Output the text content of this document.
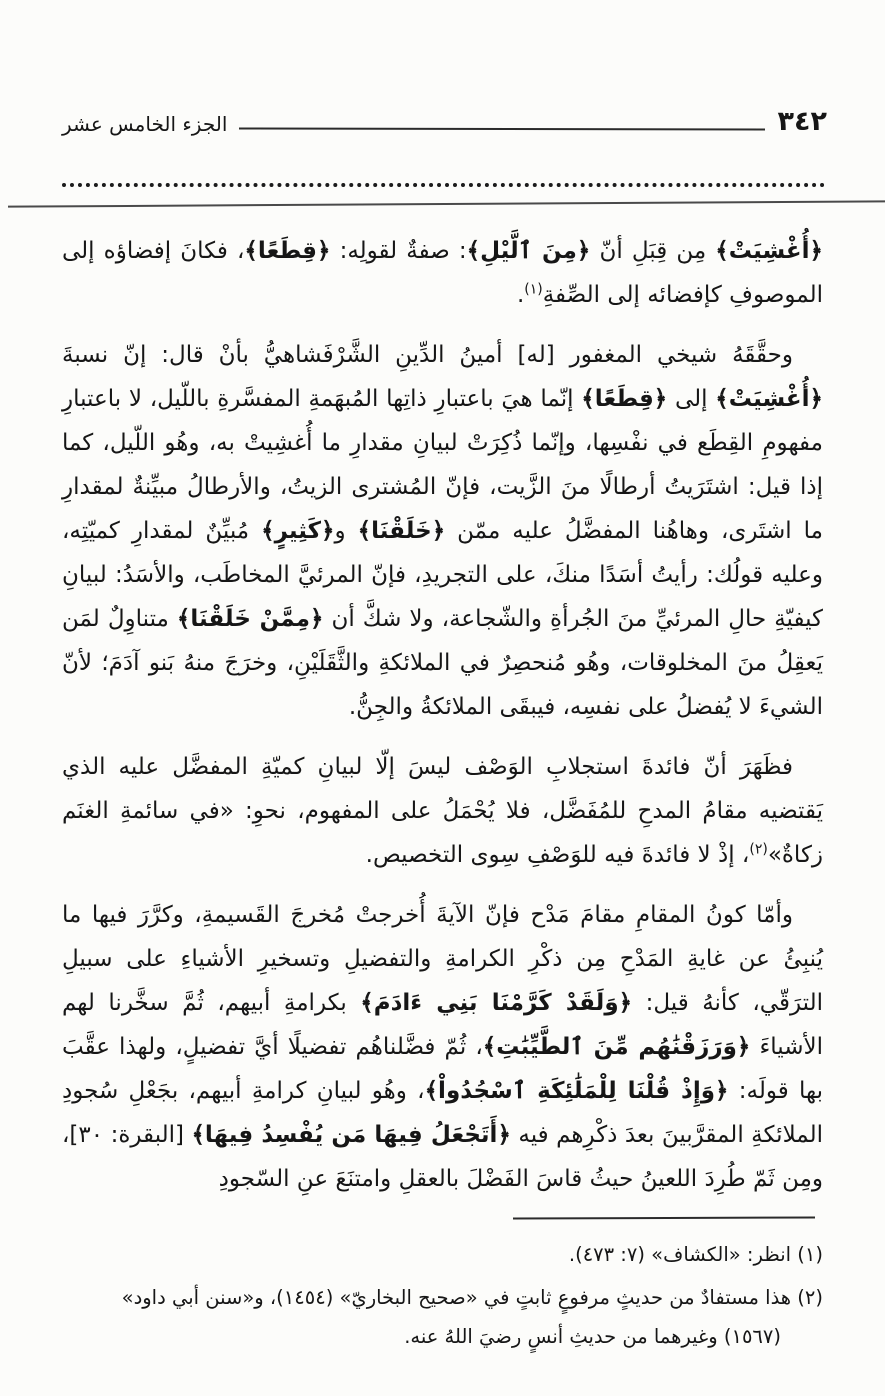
٣٤٢
الجزء الخامس عشر

﴿أُغْشِيَتْ﴾ مِن قِبَلِ أنّ ﴿مِنَ ٱلَّيْلِ﴾: صفةٌ لقولِه: ﴿قِطَعًا﴾، فكانَ إفضاؤه إلى الموصوفِ كإفضائه إلى الصِّفةِ$^{(١)}$.

وحقَّقَهُ شيخي المغفور [له] أمينُ الدِّينِ الشَّرْفَشاهيُّ بأنْ قال: إنّ نسبةَ ﴿أُغْشِيَتْ﴾ إلى ﴿قِطَعًا﴾ إنّما هيَ باعتبارِ ذاتِها المُبهَمةِ المفسَّرةِ باللّيل، لا باعتبارِ مفهومِ القِطَع في نفْسِها، وإنّما ذُكِرَتْ لبيانِ مقدارِ ما أُغشِيتْ به، وهُو اللّيل، كما إذا قيل: اشتَرَيتُ أرطالًا منَ الزَّيت، فإنّ المُشترى الزيتُ، والأرطالُ مبيِّنةٌ لمقدارِ ما اشتَرى، وهاهُنا المفضَّلُ عليه ممّن ﴿خَلَقْنَا﴾ و﴿كَثِيرٍ﴾ مُبيِّنٌ لمقدارِ كميّتِه، وعليه قولُك: رأيتُ أسَدًا منكَ، على التجريدِ، فإنّ المرئيَّ المخاطَب، والأسَدُ: لبيانِ كيفيّةِ حالِ المرئيِّ منَ الجُرأةِ والشّجاعة، ولا شكَّ أن ﴿مِمَّنْ خَلَقْنَا﴾ متناوِلٌ لمَن يَعقِلُ منَ المخلوقات، وهُو مُنحصِرٌ في الملائكةِ والثَّقَلَيْنِ، وخرَجَ منهُ بَنو آدَمَ؛ لأنّ الشيءَ لا يُفضلُ على نفسِه، فيبقَى الملائكةُ والجِنُّ.

فظَهَرَ أنّ فائدةَ استجلابِ الوَصْف ليسَ إلّا لبيانِ كميّةِ المفضَّل عليه الذي يَقتضيه مقامُ المدحِ للمُفَضَّل، فلا يُحْمَلُ على المفهوم، نحوِ: «في سائمةِ الغنَم زكاةٌ»$^{(٢)}$، إذْ لا فائدةَ فيه للوَصْفِ سِوى التخصيص.

وأمّا كونُ المقامِ مقامَ مَدْح فإنّ الآيةَ أُخرجتْ مُخرجَ القَسيمةِ، وكرَّرَ فيها ما يُنبِئُ عن غايةِ المَدْحِ مِن ذكْرِ الكرامةِ والتفضيلِ وتسخيرِ الأشياءِ على سبيلِ الترَقّي، كأنهُ قيل: ﴿وَلَقَدْ كَرَّمْنَا بَنِي ءَادَمَ﴾ بكرامةِ أبيهم، ثُمَّ سخَّرنا لهم الأشياءَ ﴿وَرَزَقْنَٰهُم مِّنَ ٱلطَّيِّبَٰتِ﴾، ثُمّ فضَّلناهُم تفضيلًا أيَّ تفضيلٍ، ولهذا عقَّبَ بها قولَه: ﴿وَإِذْ قُلْنَا لِلْمَلَٰئِكَةِ ٱسْجُدُواْ﴾، وهُو لبيانِ كرامةِ أبيهم، بجَعْلِ سُجودِ الملائكةِ المقرَّبينَ بعدَ ذكْرِهم فيه ﴿أَتَجْعَلُ فِيهَا مَن يُفْسِدُ فِيهَا﴾ [البقرة: ٣٠]، ومِن ثَمّ طُرِدَ اللعينُ حيثُ قاسَ الفَضْلَ بالعقلِ وامتنَعَ عنِ السّجودِ

(١) انظر: «الكشاف» (٧: ٤٧٣).
(٢) هذا مستفادٌ من حديثٍ مرفوعٍ ثابتٍ في «صحيح البخاريّ» (١٤٥٤)، و«سنن أبي داود» (١٥٦٧) وغيرهما من حديثِ أنسٍ رضيَ اللهُ عنه.
